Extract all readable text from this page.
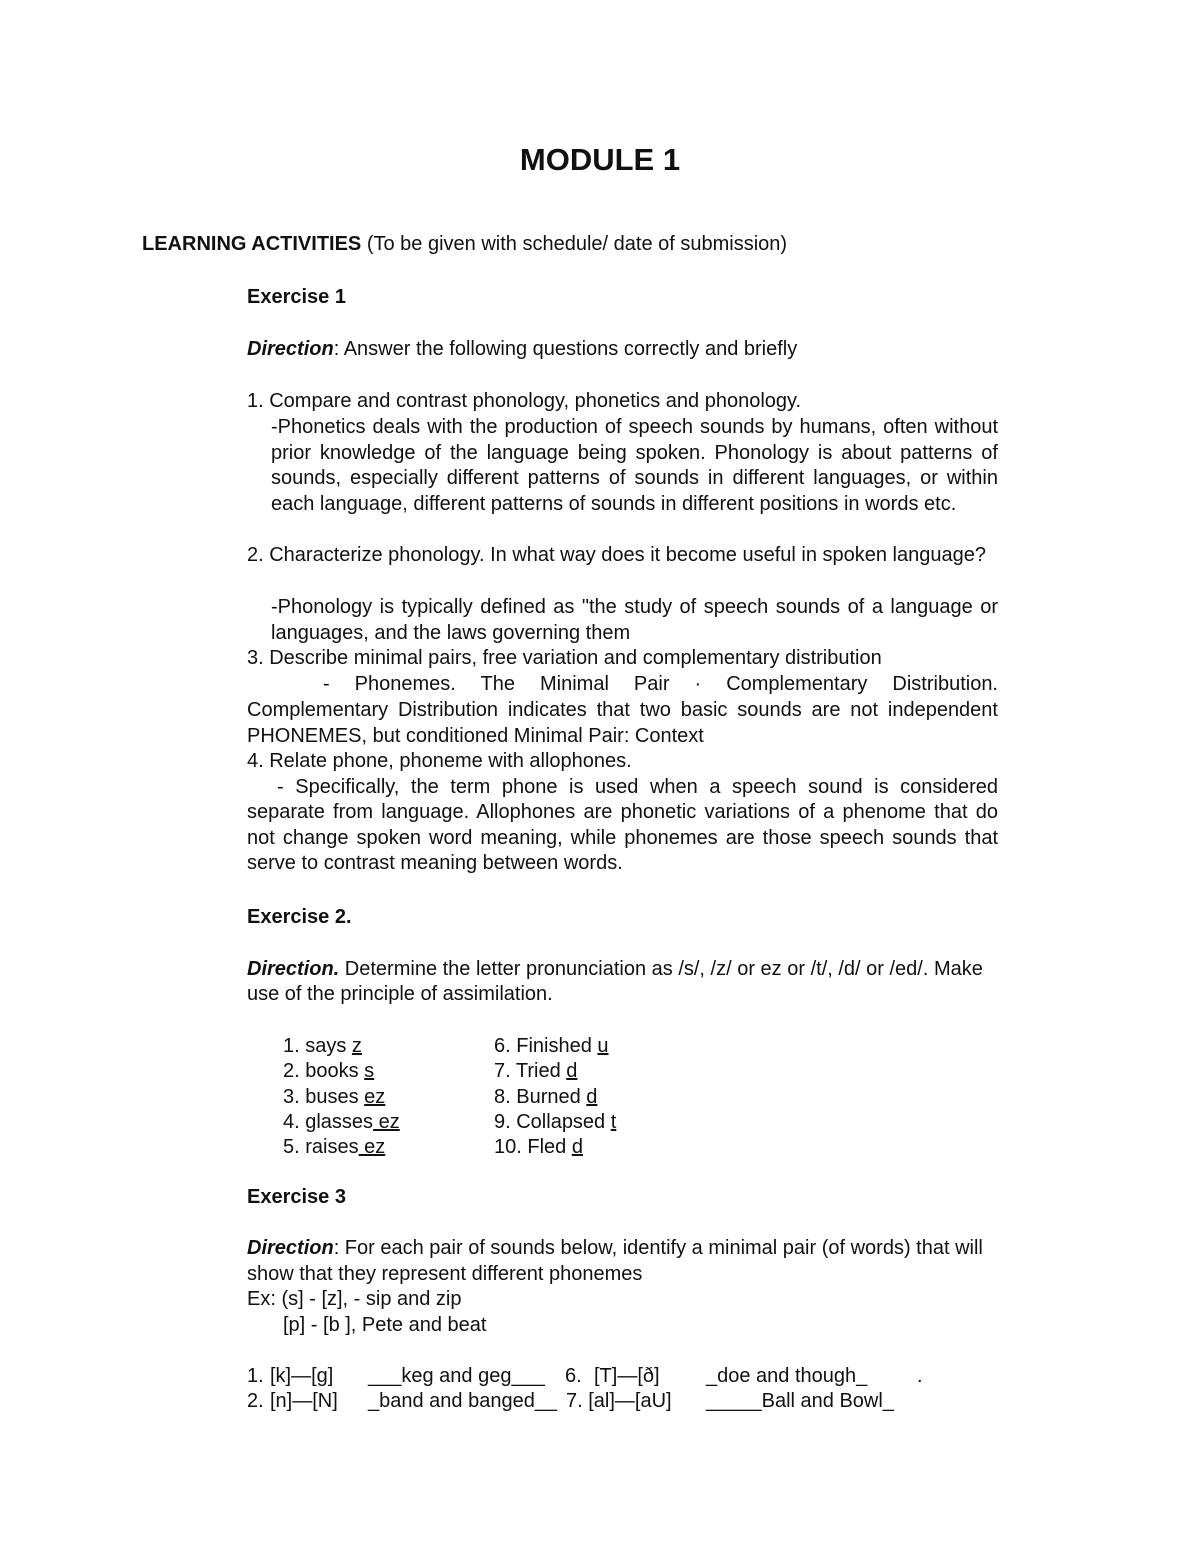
MODULE 1
LEARNING ACTIVITIES (To be given with schedule/ date of submission)
Exercise 1
Direction: Answer the following questions correctly and briefly
1. Compare and contrast phonology, phonetics and phonology.
-Phonetics deals with the production of speech sounds by humans, often without prior knowledge of the language being spoken. Phonology is about patterns of sounds, especially different patterns of sounds in different languages, or within each language, different patterns of sounds in different positions in words etc.
2. Characterize phonology. In what way does it become useful in spoken language?
-Phonology is typically defined as "the study of speech sounds of a language or languages, and the laws governing them
3. Describe minimal pairs, free variation and complementary distribution
- Phonemes. The Minimal Pair · Complementary Distribution.
Complementary Distribution indicates that two basic sounds are not independent PHONEMES, but conditioned Minimal Pair: Context
4. Relate phone, phoneme with allophones.
- Specifically, the term phone is used when a speech sound is considered
separate from language. Allophones are phonetic variations of a phenome that do not change spoken word meaning, while phonemes are those speech sounds that serve to contrast meaning between words.
Exercise 2.
Direction. Determine the letter pronunciation as /s/, /z/ or ez or /t/, /d/ or /ed/. Make
use of the principle of assimilation.
1. says z
2. books s
3. buses ez
4. glasses ez
5. raises ez
6. Finished u
7. Tried d
8. Burned d
9. Collapsed t
10. Fled d
Exercise 3
Direction: For each pair of sounds below, identify a minimal pair (of words) that will
show that they represent different phonemes
Ex: (s] - [z], - sip and zip
[p] - [b ], Pete and beat
1. [k]—[g] ___keg and geg___ 6. [T]—[ð] _doe and though_ .
2. [n]—[N] _band and banged__ 7. [al]—[aU] _____Ball and Bowl_
